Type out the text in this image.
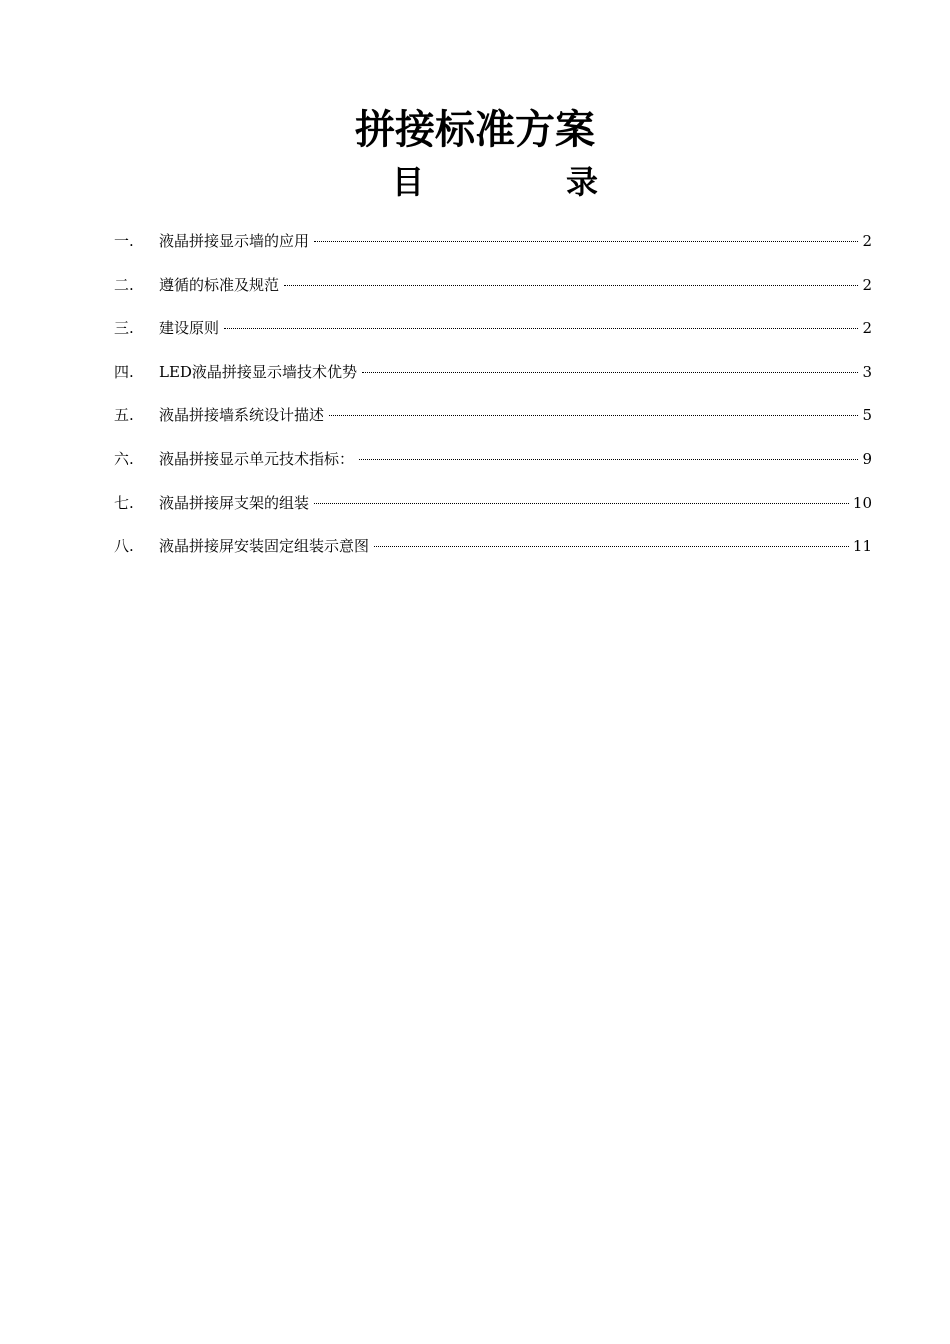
拼接标准方案
目	录
一.	液晶拼接显示墙的应用	2
二.	遵循的标准及规范	2
三.	建设原则	2
四.	LED液晶拼接显示墙技术优势	3
五.	液晶拼接墙系统设计描述	5
六.	液晶拼接显示单元技术指标：	9
七.	液晶拼接屏支架的组装	10
八.	液晶拼接屏安装固定组装示意图	11
